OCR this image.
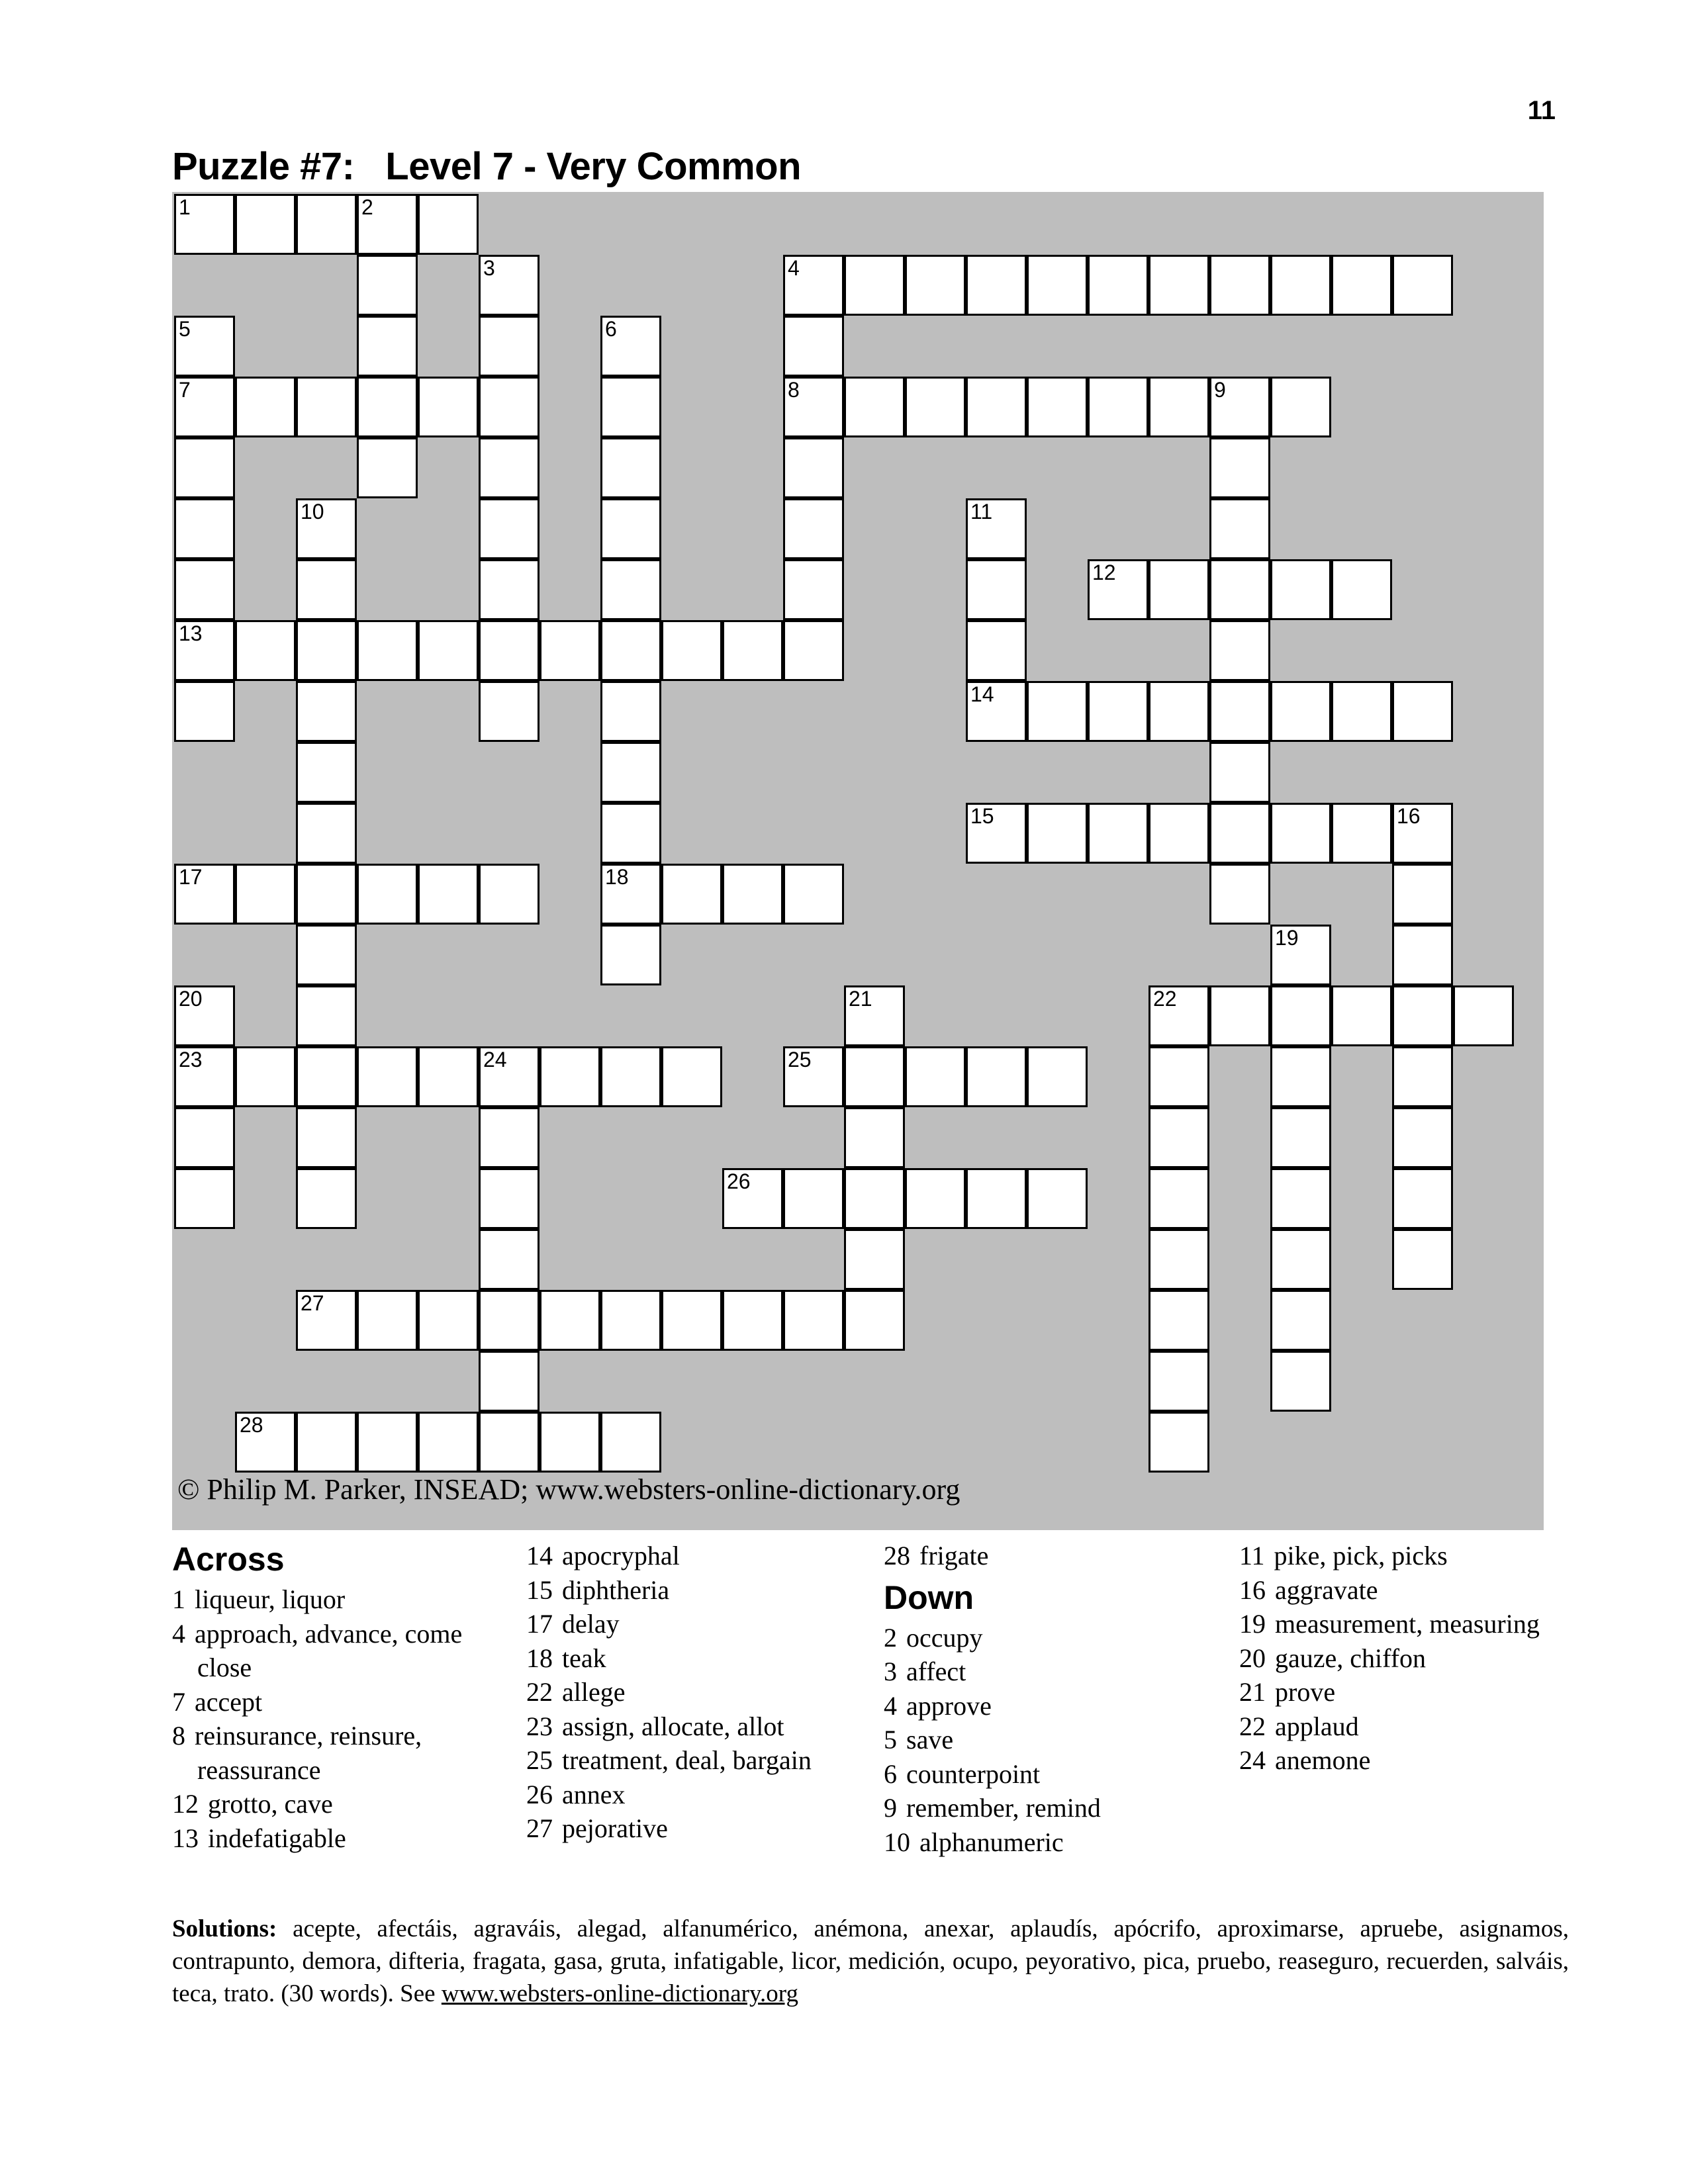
11
Puzzle #7:   Level 7 - Very Common
© Philip M. Parker, INSEAD; www.websters-online-dictionary.org
1	2
3	4
8
5
7
13
6
18
9
10	11
12
14
15	16
17
19
20
23
21	22
24	25
26
27
28
Across
1 liqueur, liquor
4 approach, advance, come close
7 accept
8 reinsurance, reinsure, reassurance
12 grotto, cave
13 indefatigable
14 apocryphal
15 diphtheria
17 delay
18 teak
22 allege
23 assign, allocate, allot
25 treatment, deal, bargain
26 annex
27 pejorative
28 frigate
Down
2 occupy
3 affect
4 approve
5 save
6 counterpoint
9 remember, remind
10 alphanumeric
11 pike, pick, picks
16 aggravate
19 measurement, measuring
20 gauze, chiffon
21 prove
22 applaud
24 anemone
Solutions: acepte, afectáis, agraváis, alegad, alfanumérico, anémona, anexar, aplaudís, apócrifo, aproximarse, apruebe, asignamos, contrapunto, demora, difteria, fragata, gasa, gruta, infatigable, licor, medición, ocupo, peyorativo, pica, pruebo, reaseguro, recuerden, salváis, teca, trato. (30 words). See www.websters-online-dictionary.org
